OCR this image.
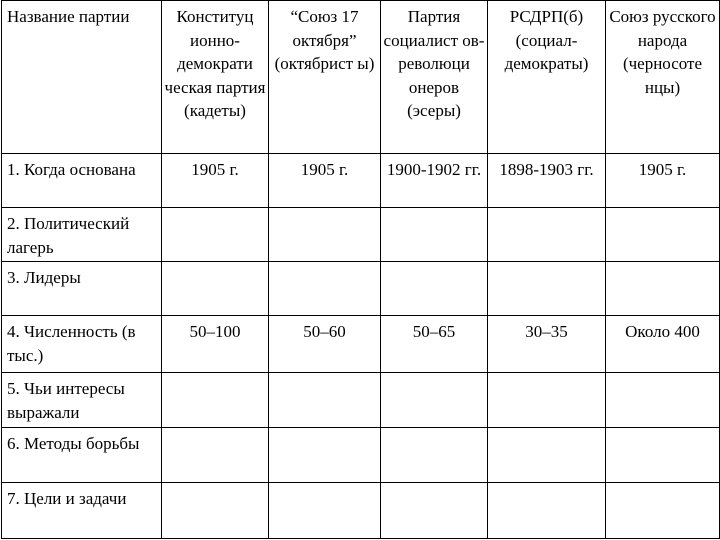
Название партии	Конституц ионно-демократи ческая партия (кадеты)	“Союз 17 октября” (октябрист ы)	Партия социалист ов-революци онеров (эсеры)	РСДРП(б) (социал-демократы)	Союз русского народа (черносоте нцы)
1. Когда основана	1905 г.	1905 г.	1900-1902 гг.	1898-1903 гг.	1905 г.
2. Политический лагерь					
3. Лидеры					
4. Численность (в тыс.)	50–100	50–60	50–65	30–35	Около 400
5. Чьи интересы выражали					
6. Методы борьбы					
7. Цели и задачи					
